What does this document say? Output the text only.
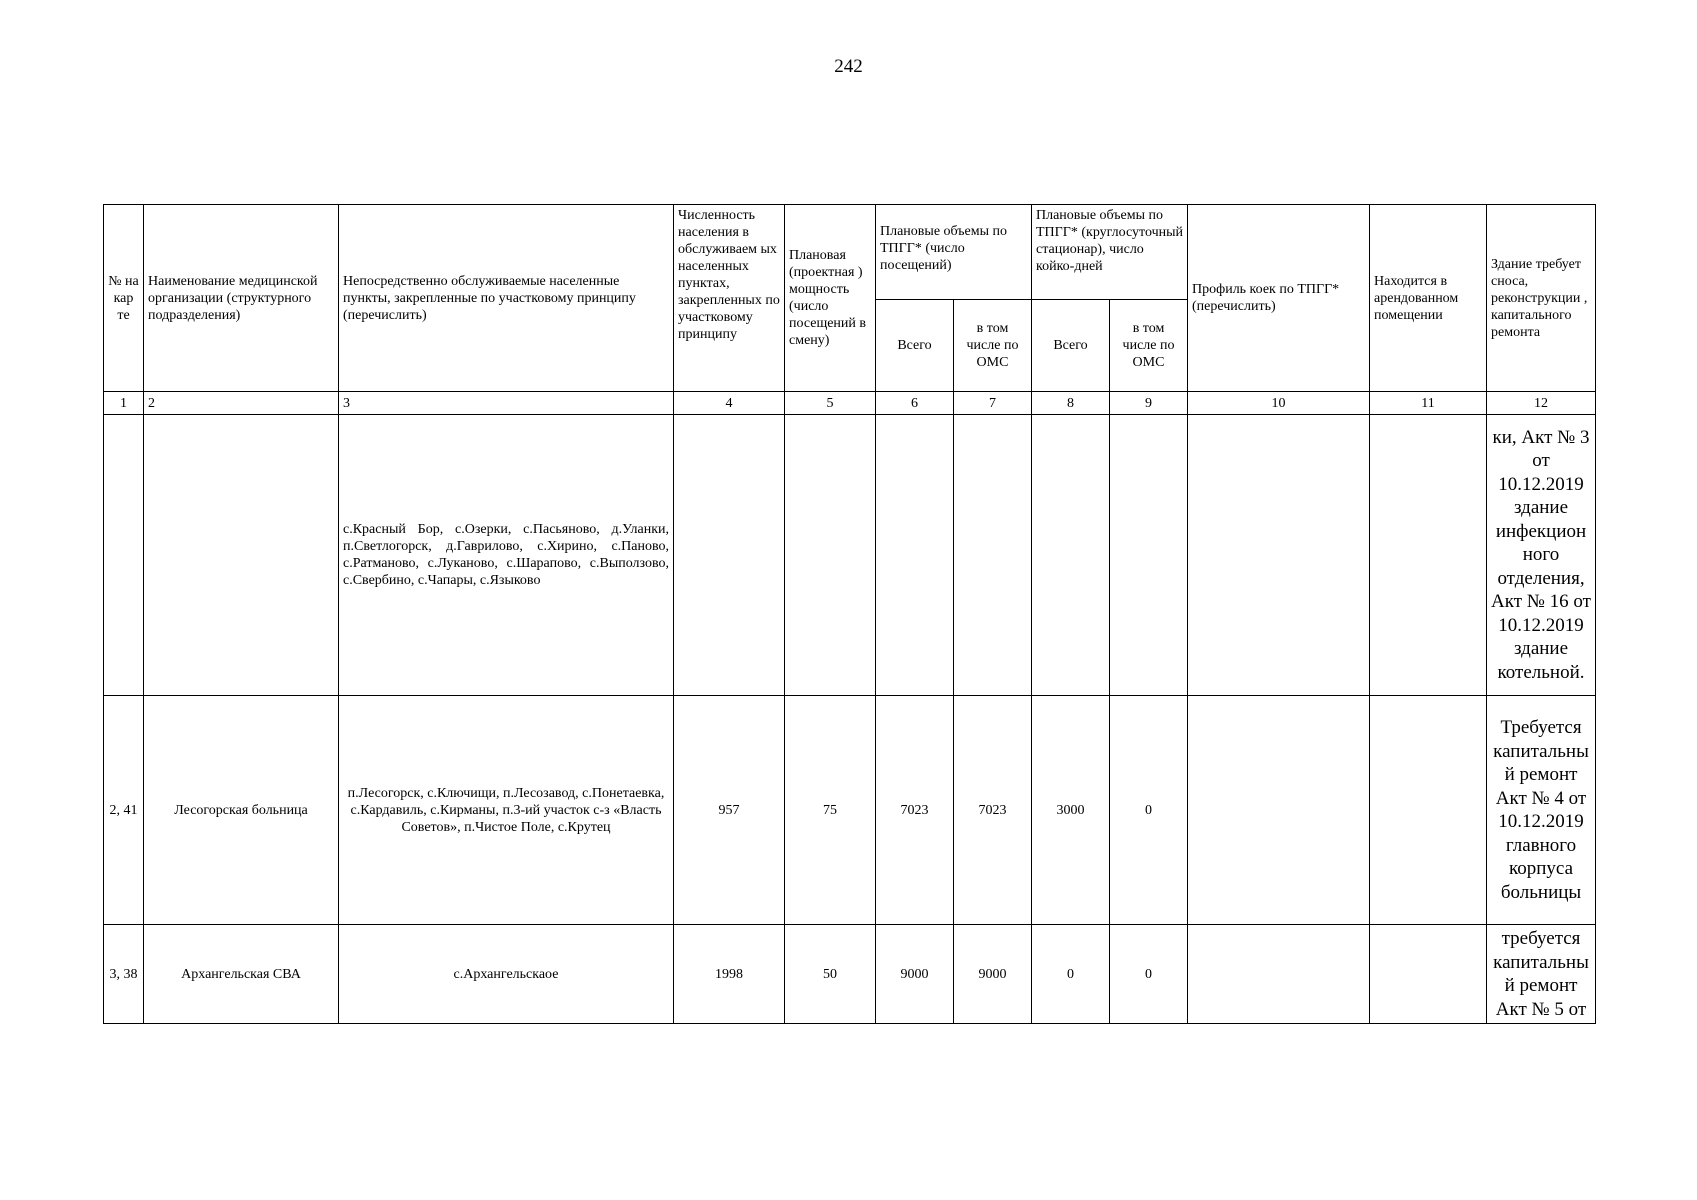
242
№ на кар те	Наименование медицинской организации (структурного подразделения)	Непосредственно обслуживаемые населенные пункты, закрепленные по участковому принципу (перечислить)	Численность населения в обслуживаем ых населенных пунктах, закрепленных по участковому принципу	Плановая (проектная ) мощность (число посещений в смену)	Плановые объемы по ТПГГ* (число посещений)		Плановые объемы по ТПГГ* (круглосуточный стационар), число койко-дней		Профиль коек по ТПГГ* (перечислить)	Находится в арендованном помещении	Здание требует сноса, реконструкции , капитального ремонта
					Всего	в том числе по ОМС	Всего	в том числе по ОМС			
1	2	3	4	5	6	7	8	9	10	11	12
		с.Красный Бор, с.Озерки, с.Пасьяново, д.Уланки, п.Светлогорск, д.Гаврилово, с.Хирино, с.Паново, с.Ратманово, с.Луканово, с.Шарапово, с.Выползово, с.Свербино, с.Чапары, с.Языково									ки, Акт № 3 от 10.12.2019 здание инфекцион ного отделения, Акт № 16 от 10.12.2019 здание котельной.
2, 41	Лесогорская больница	п.Лесогорск, с.Ключищи, п.Лесозавод, с.Понетаевка, с.Кардавиль, с.Кирманы, п.3-ий участок с-з «Власть Советов», п.Чистое Поле, с.Крутец	957	75	7023	7023	3000	0			Требуется капитальны й ремонт Акт № 4 от 10.12.2019 главного корпуса больницы
3, 38	Архангельская СВА	с.Архангельскаое	1998	50	9000	9000	0	0			требуется капитальны й ремонт Акт № 5 от
